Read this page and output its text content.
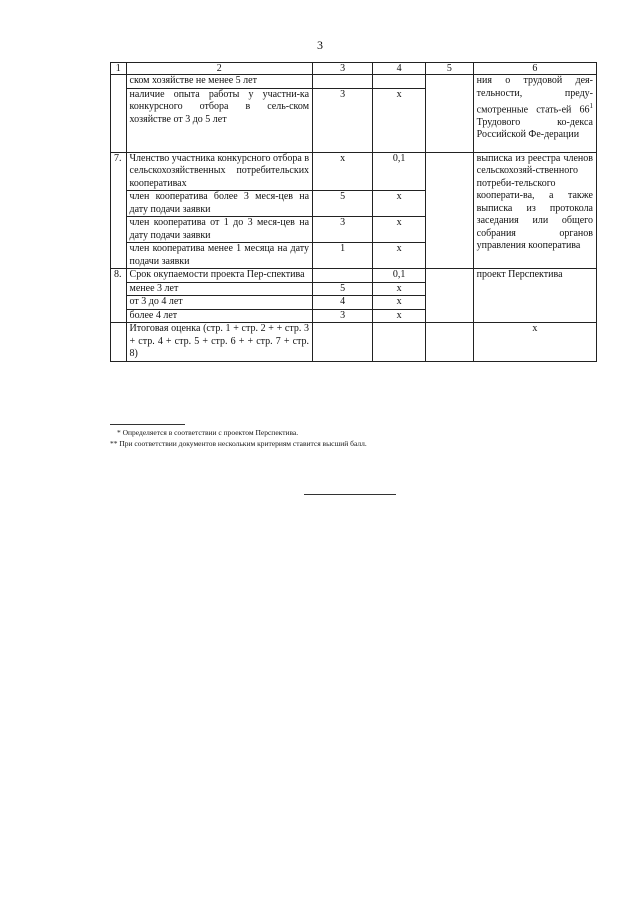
3
1	2	3	4	5	6
	ском хозяйстве не менее 5 лет				ния о трудовой дея-тельности, преду-смотренные стать-ей $66^1$ Трудового ко-декса Российской Фе-дерации
	наличие опыта работы у участни-ка конкурсного отбора в сель-ском хозяйстве от 3 до 5 лет	3	x		
7.	Членство участника конкурсного отбора в сельскохозяйственных потребительских кооперативах	x	0,1		выписка из реестра членов сельскохозяй-ственного потреби-тельского кооперати-ва, а также выписка из протокола заседания или общего собрания органов управления кооператива
	член кооператива более 3 меся-цев на дату подачи заявки	5	x		
	член кооператива от 1 до 3 меся-цев на дату подачи заявки	3	x		
	член кооператива менее 1 месяца на дату подачи заявки	1	x		
8.	Срок окупаемости проекта Пер-спектива		0,1		проект Перспектива
	менее 3 лет	5	x		
	от 3 до 4 лет	4	x		
	более 4 лет	3	x		
	Итоговая оценка (стр. 1 + стр. 2 + + стр. 3 + стр. 4 + стр. 5 + стр. 6 + + стр. 7 + стр. 8)				x
* Определяется в соответствии с проектом Перспектива.
** При соответствии документов нескольким критериям ставится высший балл.
